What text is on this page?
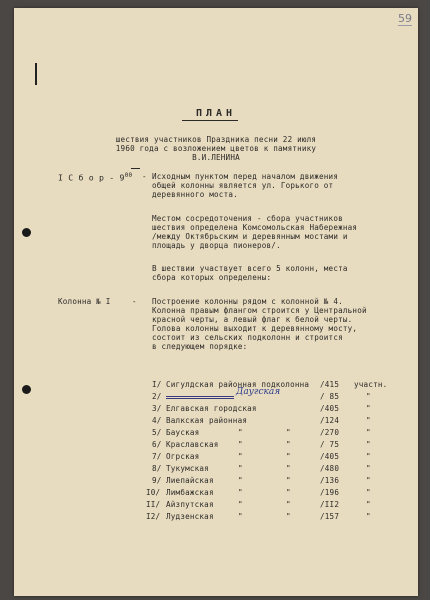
59
ПЛАН
шествия участников Праздника песни 22 июля
1960 года с возложением цветов к памятнику
В.И.ЛЕНИНА
I С б о р - $9^{00}$ - Исходным пунктом перед началом движения
общей колонны является ул. Горького от
деревянного моста.
Местом сосредоточения - сбора участников
шествия определена Комсомольская Набережная
/между Октябрьским и деревянным мостами и
площадь у дворца пионеров/.
В шествии участвует всего 5 колонн, места
сбора которых определены:
Колонна № I	- Построение колонны рядом с колонной № 4.
Колонна правым флангом строится у Центральной
красной черты, а левый флаг к белой черты.
Голова колонны выходит к деревянному мосту,
состоит из сельских подколонн и строится
в следующем порядке:
I/ Сигулдская районная подколонна /415 участн.
2/	Даугская	/ 85	"
3/ Елгавская городская	/405	"
4/ Валкская районная	/124	"
5/ Бауская	"	"	/270	"
6/ Краславская	"	"	/ 75	"
7/ Огрская	"	"	/405	"
8/ Тукумская	"	"	/480	"
9/ Лиепайская	"	"	/136	"
I0/ Лимбажская	"	"	/196	"
II/ Айзпутская	"	"	/II2	"
I2/ Лудзенская	"	"	/157	"
